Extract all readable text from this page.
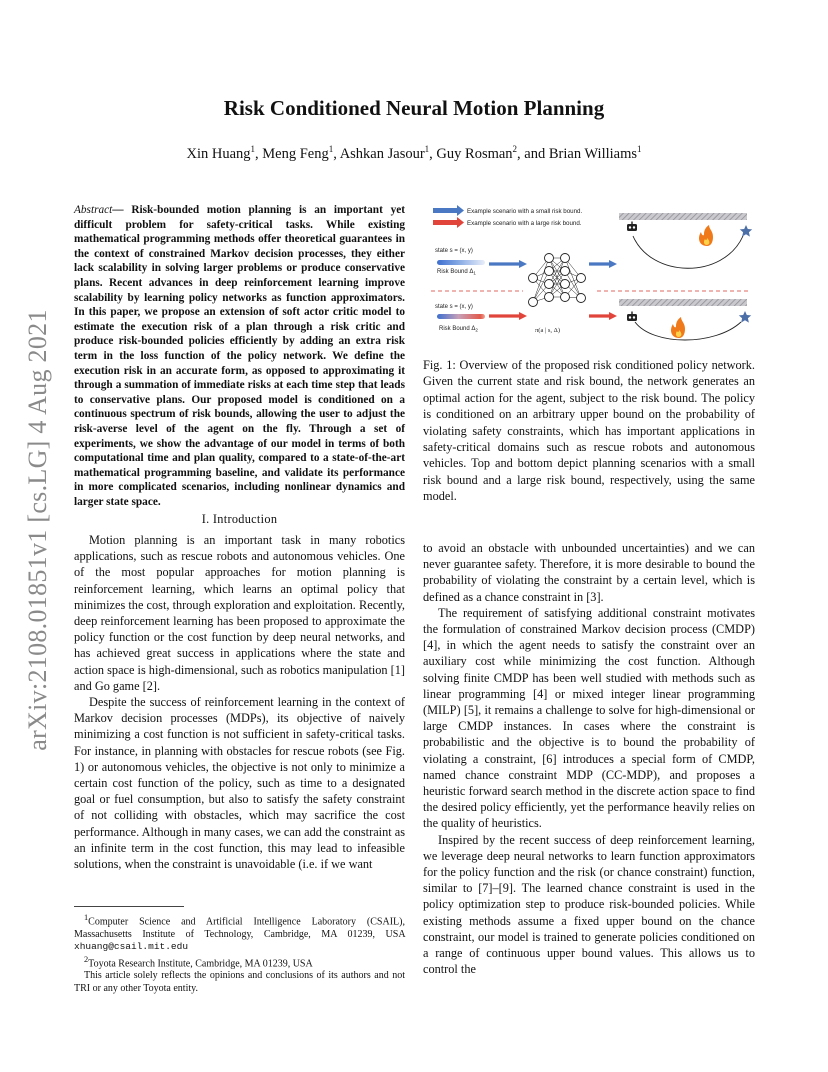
arXiv:2108.01851v1 [cs.LG] 4 Aug 2021
Risk Conditioned Neural Motion Planning
Xin Huang$^1$, Meng Feng$^1$, Ashkan Jasour$^1$, Guy Rosman$^2$, and Brian Williams$^1$
Abstract— Risk-bounded motion planning is an important yet difficult problem for safety-critical tasks. While existing mathematical programming methods offer theoretical guarantees in the context of constrained Markov decision processes, they either lack scalability in solving larger problems or produce conservative plans. Recent advances in deep reinforcement learning improve scalability by learning policy networks as function approximators. In this paper, we propose an extension of soft actor critic model to estimate the execution risk of a plan through a risk critic and produce risk-bounded policies efficiently by adding an extra risk term in the loss function of the policy network. We define the execution risk in an accurate form, as opposed to approximating it through a summation of immediate risks at each time step that leads to conservative plans. Our proposed model is conditioned on a continuous spectrum of risk bounds, allowing the user to adjust the risk-averse level of the agent on the fly. Through a set of experiments, we show the advantage of our model in terms of both computational time and plan quality, compared to a state-of-the-art mathematical programming baseline, and validate its performance in more complicated scenarios, including nonlinear dynamics and larger state space.
I. Introduction

Motion planning is an important task in many robotics applications, such as rescue robots and autonomous vehicles. One of the most popular approaches for motion planning is reinforcement learning, which learns an optimal policy that minimizes the cost, through exploration and exploitation. Recently, deep reinforcement learning has been proposed to approximate the policy function or the cost function by deep neural networks, and has achieved great success in applications where the state and action space is high-dimensional, such as robotics manipulation [1] and Go game [2].

Despite the success of reinforcement learning in the context of Markov decision processes (MDPs), its objective of naively minimizing a cost function is not sufficient in safety-critical tasks. For instance, in planning with obstacles for rescue robots (see Fig. 1) or autonomous vehicles, the objective is not only to minimize a certain cost function of the policy, such as time to a designated goal or fuel consumption, but also to satisfy the safety constraint of not colliding with obstacles, which may sacrifice the cost performance. Although in many cases, we can add the constraint as an infinite term in the cost function, this may lead to infeasible solutions, when the constraint is unavoidable (i.e. if we want

$^1$Computer Science and Artificial Intelligence Laboratory (CSAIL), Massachusetts Institute of Technology, Cambridge, MA 01239, USA xhuang@csail.mit.edu

$^2$Toyota Research Institute, Cambridge, MA 01239, USA

This article solely reflects the opinions and conclusions of its authors and not TRI or any other Toyota entity.

Example scenario with a small risk bound.
Example scenario with a large risk bound.
state s = (x, y)
Risk Bound $\Delta_1$
state s = (x, y)
Risk Bound $\Delta_2$	π(a | s, Δ)
Fig. 1: Overview of the proposed risk conditioned policy network. Given the current state and risk bound, the network generates an optimal action for the agent, subject to the risk bound. The policy is conditioned on an arbitrary upper bound on the probability of violating safety constraints, which has important applications in safety-critical domains such as rescue robots and autonomous vehicles. Top and bottom depict planning scenarios with a small risk bound and a large risk bound, respectively, using the same model.

to avoid an obstacle with unbounded uncertainties) and we can never guarantee safety. Therefore, it is more desirable to bound the probability of violating the constraint by a certain level, which is defined as a chance constraint in [3].

The requirement of satisfying additional constraint motivates the formulation of constrained Markov decision process (CMDP) [4], in which the agent needs to satisfy the constraint over an auxiliary cost while minimizing the cost function. Although solving finite CMDP has been well studied with methods such as linear programming [4] or mixed integer linear programming (MILP) [5], it remains a challenge to solve for high-dimensional or large CMDP instances. In cases where the constraint is probabilistic and the objective is to bound the probability of violating a constraint, [6] introduces a special form of CMDP, named chance constraint MDP (CC-MDP), and proposes a heuristic forward search method in the discrete action space to find the desired policy efficiently, yet the performance heavily relies on the quality of heuristics.

Inspired by the recent success of deep reinforcement learning, we leverage deep neural networks to learn function approximators for the policy function and the risk (or chance constraint) function, similar to [7]–[9]. The learned chance constraint is used in the policy optimization step to produce risk-bounded policies. While existing methods assume a fixed upper bound on the chance constraint, our model is trained to generate policies conditioned on a range of continuous upper bound values. This allows us to control the
